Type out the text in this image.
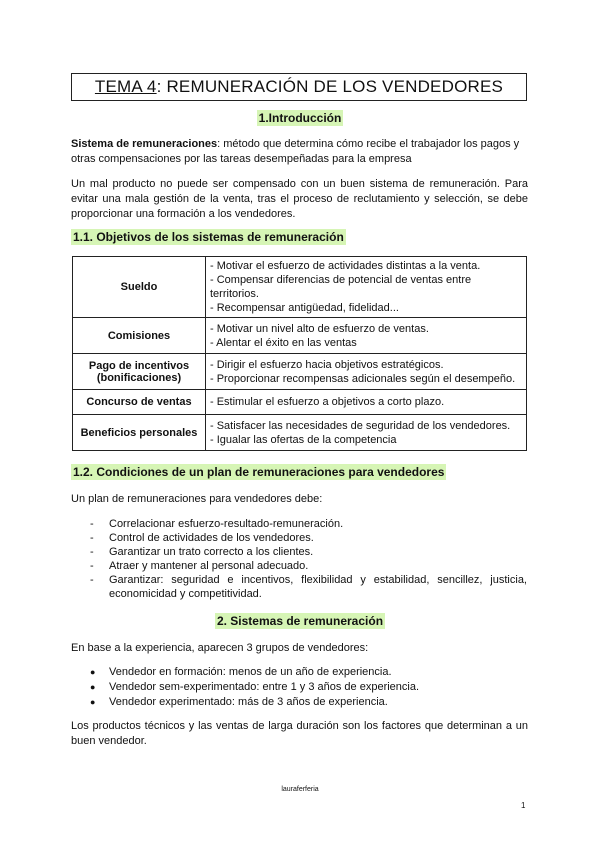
TEMA 4 : REMUNERACIÓN DE LOS VENDEDORES
1.Introducción
Sistema de remuneraciones: método que determina cómo recibe el trabajador los pagos y otras compensaciones por las tareas desempeñadas para la empresa
Un mal producto no puede ser compensado con un buen sistema de remuneración. Para evitar una mala gestión de la venta, tras el proceso de reclutamiento y selección, se debe proporcionar una formación a los vendedores.
1.1. Objetivos de los sistemas de remuneración
Sueldo	- Motivar el esfuerzo de actividades distintas a la venta.
- Compensar diferencias de potencial de ventas entre territorios.
- Recompensar antigüedad, fidelidad...

Comisiones	- Motivar un nivel alto de esfuerzo de ventas.
- Alentar el éxito en las ventas

Pago de incentivos (bonificaciones)	- Dirigir el esfuerzo hacia objetivos estratégicos.
- Proporcionar recompensas adicionales según el desempeño.

Concurso de ventas	- Estimular el esfuerzo a objetivos a corto plazo.

Beneficios personales	- Satisfacer las necesidades de seguridad de los vendedores.
- Igualar las ofertas de la competencia
1.2. Condiciones de un plan de remuneraciones para vendedores
Un plan de remuneraciones para vendedores debe:
-	Correlacionar esfuerzo-resultado-remuneración.
-	Control de actividades de los vendedores.
-	Garantizar un trato correcto a los clientes.
-	Atraer y mantener al personal adecuado.
-	Garantizar: seguridad e incentivos, flexibilidad y estabilidad, sencillez, justicia, economicidad y competitividad.
2. Sistemas de remuneración
En base a la experiencia, aparecen 3 grupos de vendedores:
●	Vendedor en formación: menos de un año de experiencia.
●	Vendedor sem-experimentado: entre 1 y 3 años de experiencia.
●	Vendedor experimentado: más de 3 años de experiencia.
Los productos técnicos y las ventas de larga duración son los factores que determinan a un buen vendedor.
lauraferferia
1
